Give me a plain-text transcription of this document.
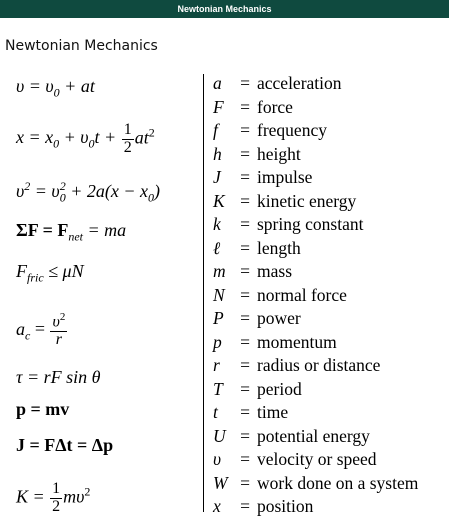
Newtonian Mechanics
Newtonian Mechanics
$\upsilon = \upsilon_0$ + at
$x = x_0 + \upsilon_0t + \frac{1}{2} at^2$
$\upsilon^2 = \upsilon_0^2 + 2a(x - x_0)$
$\Sigma F = F_{net}$ = ma
$F_{fric} \le \mu N$
$a_c = \frac{\upsilon^2}{r}$
τ = rF sin θ
p = mv
J = FΔt = Δp
$K = \frac{1}{2} m\upsilon^2$
a	= acceleration
F = force
f	= frequency
h	= height
J	= impulse
K = kinetic energy
k	= spring constant
ℓ	= length
m = mass
N = normal force
P = power
p	= momentum
r	= radius or distance
T = period
t	= time
U = potential energy
υ	= velocity or speed
W = work done on a system
x	= position
